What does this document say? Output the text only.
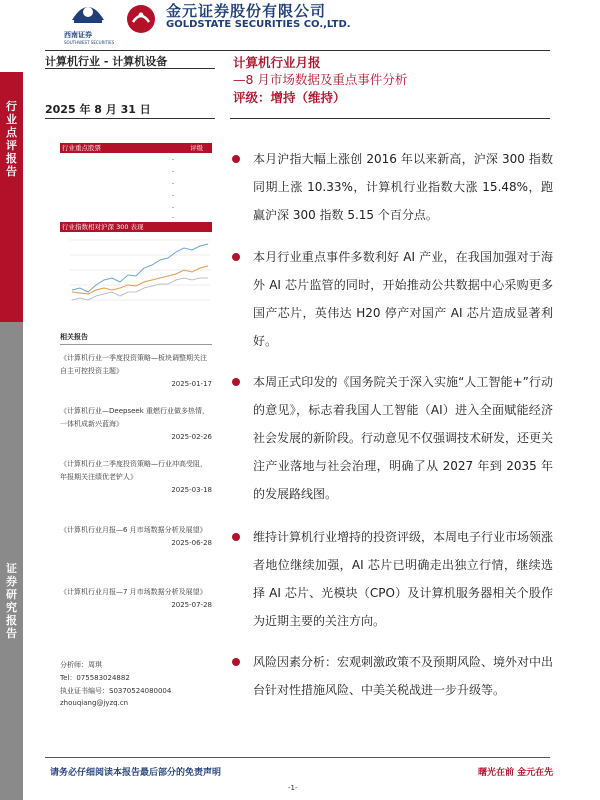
行业点评报告
证券研究报告
西南证券
SOUTHWEST SECURITIES
金元证券股份有限公司
GOLDSTATE SECURITIES CO.,LTD.
计算机行业 - 计算机设备
2025 年 8 月 31 日
计算机行业月报
—8 月市场数据及重点事件分析
评级：增持（维持）
行业重点股票	评级
-
-
-
-
-
-
行业指数相对沪深 300 表现
相关报告
《计算机行业一季度投资策略—板块调整期关注自主可控投资主题》
2025-01-17
《计算机行业—Deepseek 重燃行业做多热情，一体机成新兴蓝海》
2025-02-26
《计算机行业二季度投资策略—行业冲高受阻，年报期关注绩优老铲人》
2025-03-18
《计算机行业月报—6 月市场数据分析及展望》
2025-06-28
《计算机行业月报—7 月市场数据分析及展望》
2025-07-28
分析师：周琪
Tel：075583024882
执业证书编号：S0370524080004
zhouqiang@jyzq.cn
本月沪指大幅上涨创 2016 年以来新高，沪深 300 指数同期上涨 10.33%，计算机行业指数大涨 15.48%，跑赢沪深 300 指数 5.15 个百分点。
本月行业重点事件多数利好 AI 产业，在我国加强对于海外 AI 芯片监管的同时，开始推动公共数据中心采购更多国产芯片，英伟达 H20 停产对国产 AI 芯片造成显著利好。
本周正式印发的《国务院关于深入实施“人工智能+”行动的意见》，标志着我国人工智能（AI）进入全面赋能经济社会发展的新阶段。行动意见不仅强调技术研发，还更关注产业落地与社会治理，明确了从 2027 年到 2035 年 的发展路线图。
维持计算机行业增持的投资评级，本周电子行业市场领涨者地位继续加强，AI 芯片已明确走出独立行情，继续选择 AI 芯片、光模块（CPO）及计算机服务器相关个股作为近期主要的关注方向。
风险因素分析：宏观刺激政策不及预期风险、境外对中出台针对性措施风险、中美关税战进一步升级等。
请务必仔细阅读本报告最后部分的免责声明	曙光在前 金元在先
-1-
